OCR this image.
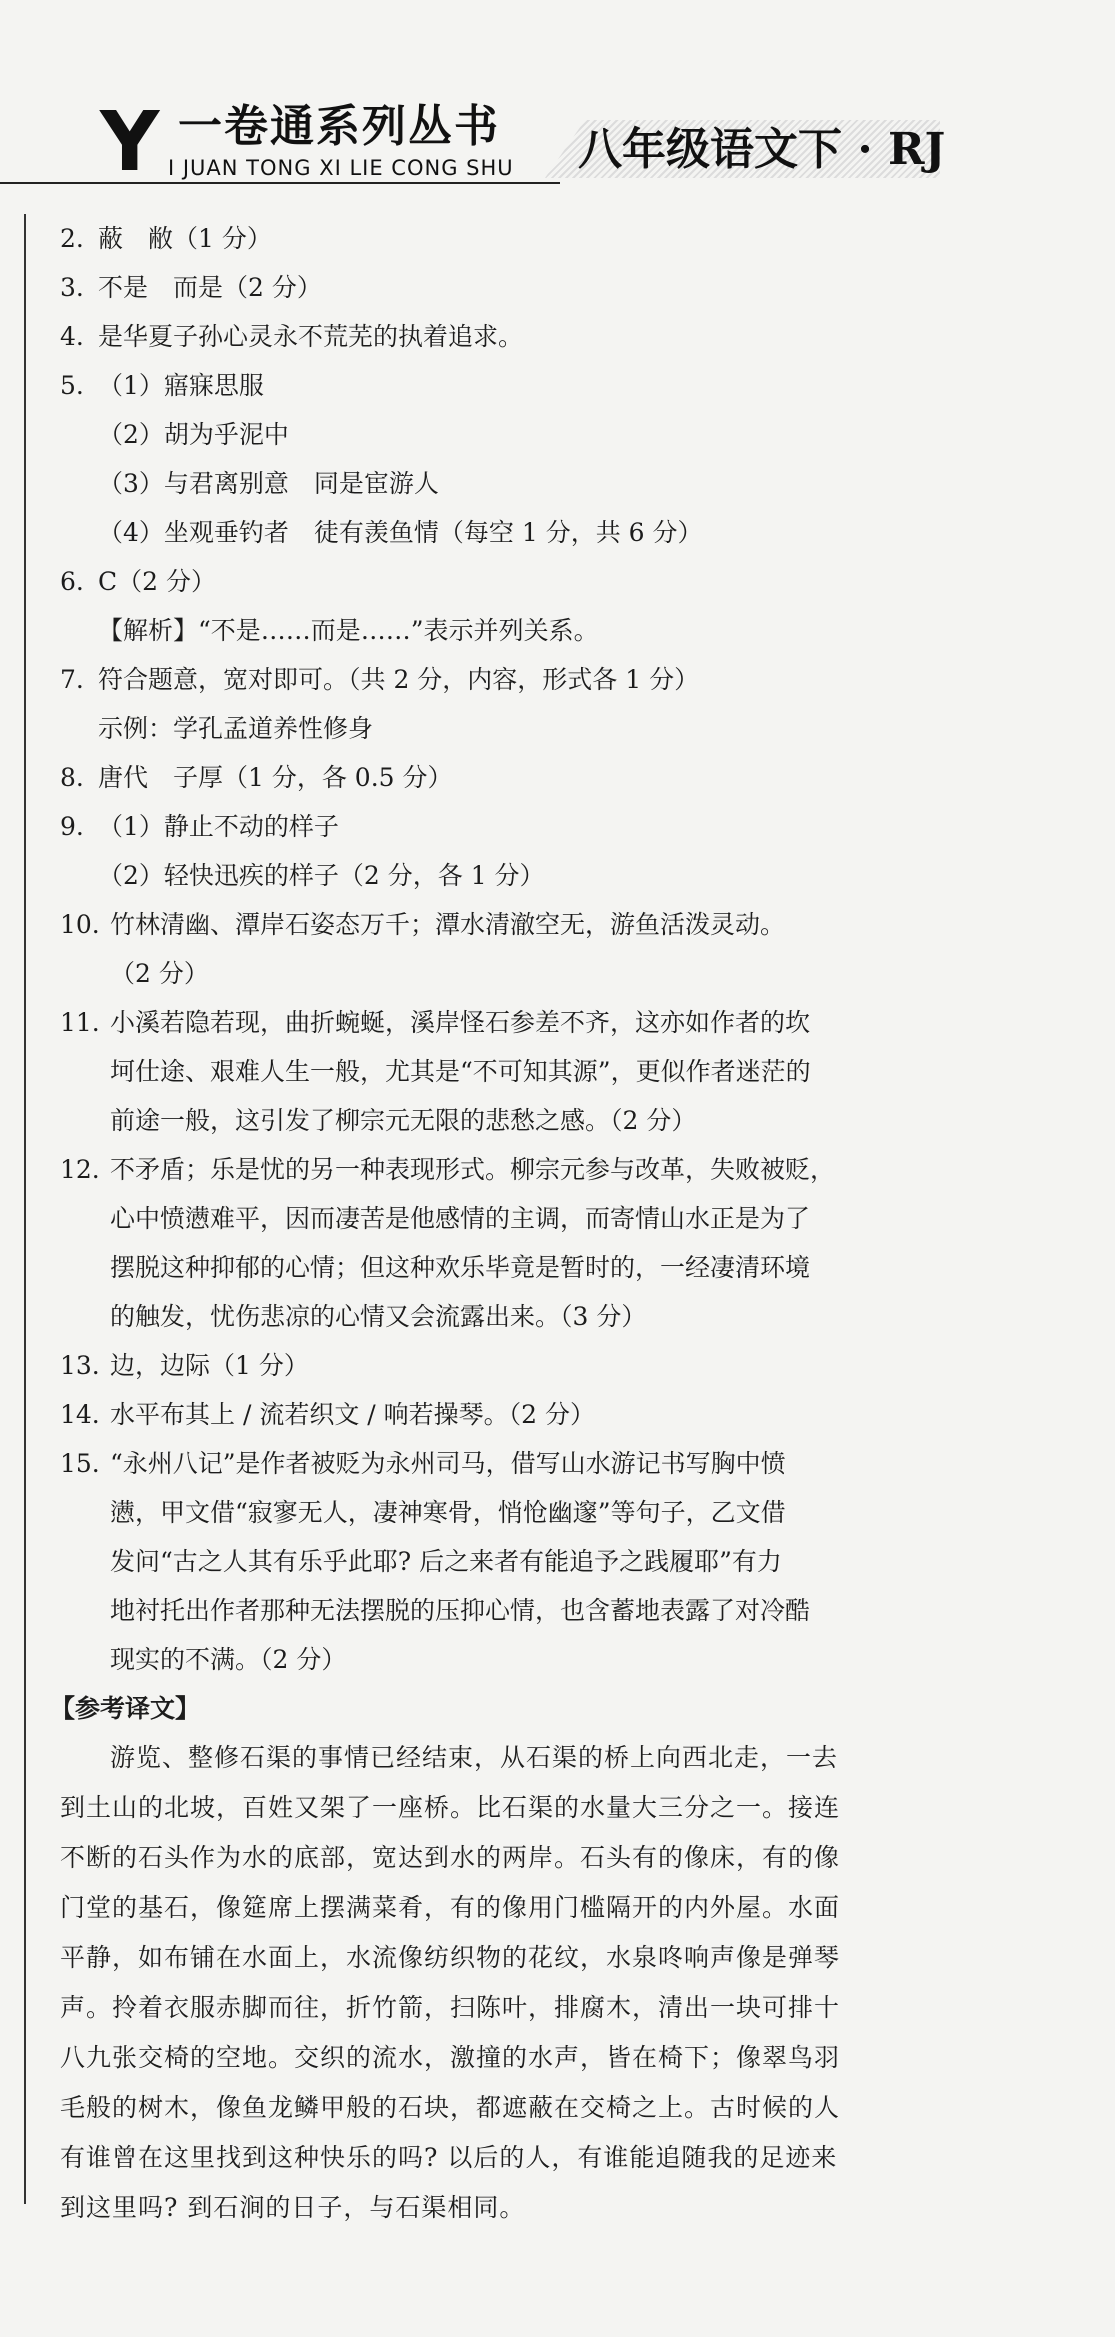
Y 一卷通系列丛书
I JUAN TONG XI LIE CONG SHU 八年级语文下 · RJ
2. 蔽　敝（1 分）
3. 不是　而是（2 分）
4. 是华夏子孙心灵永不荒芜的执着追求。
5. （1）寤寐思服
（2）胡为乎泥中
（3）与君离别意　同是宦游人
（4）坐观垂钓者　徒有羡鱼情（每空 1 分，共 6 分）
6. C（2 分）
【解析】“不是……而是……”表示并列关系。
7. 符合题意，宽对即可。（共 2 分，内容，形式各 1 分）
示例：学孔孟道养性修身
8. 唐代　子厚（1 分，各 0.5 分）
9. （1）静止不动的样子
（2）轻快迅疾的样子（2 分，各 1 分）
10. 竹林清幽、潭岸石姿态万千；潭水清澈空无，游鱼活泼灵动。
（2 分）
11. 小溪若隐若现，曲折蜿蜒，溪岸怪石参差不齐，这亦如作者的坎
坷仕途、艰难人生一般，尤其是“不可知其源”，更似作者迷茫的
前途一般，这引发了柳宗元无限的悲愁之感。（2 分）
12. 不矛盾；乐是忧的另一种表现形式。柳宗元参与改革，失败被贬，
心中愤懑难平，因而凄苦是他感情的主调，而寄情山水正是为了
摆脱这种抑郁的心情；但这种欢乐毕竟是暂时的，一经凄清环境
的触发，忧伤悲凉的心情又会流露出来。（3 分）
13. 边，边际（1 分）
14. 水平布其上 / 流若织文 / 响若操琴。（2 分）
15. “永州八记”是作者被贬为永州司马，借写山水游记书写胸中愤
懑，甲文借“寂寥无人，凄神寒骨，悄怆幽邃”等句子，乙文借
发问“古之人其有乐乎此耶? 后之来者有能追予之践履耶”有力
地衬托出作者那种无法摆脱的压抑心情，也含蓄地表露了对冷酷
现实的不满。（2 分）
【参考译文】

游览、整修石渠的事情已经结束，从石渠的桥上向西北走，一去

到土山的北坡，百姓又架了一座桥。比石渠的水量大三分之一。接连

不断的石头作为水的底部，宽达到水的两岸。石头有的像床，有的像

门堂的基石，像筵席上摆满菜肴，有的像用门槛隔开的内外屋。水面

平静，如布铺在水面上，水流像纺织物的花纹，水泉咚响声像是弹琴

声。拎着衣服赤脚而往，折竹箭，扫陈叶，排腐木，清出一块可排十

八九张交椅的空地。交织的流水，激撞的水声，皆在椅下；像翠鸟羽

毛般的树木，像鱼龙鳞甲般的石块，都遮蔽在交椅之上。古时候的人

有谁曾在这里找到这种快乐的吗? 以后的人，有谁能追随我的足迹来

到这里吗? 到石涧的日子，与石渠相同。
